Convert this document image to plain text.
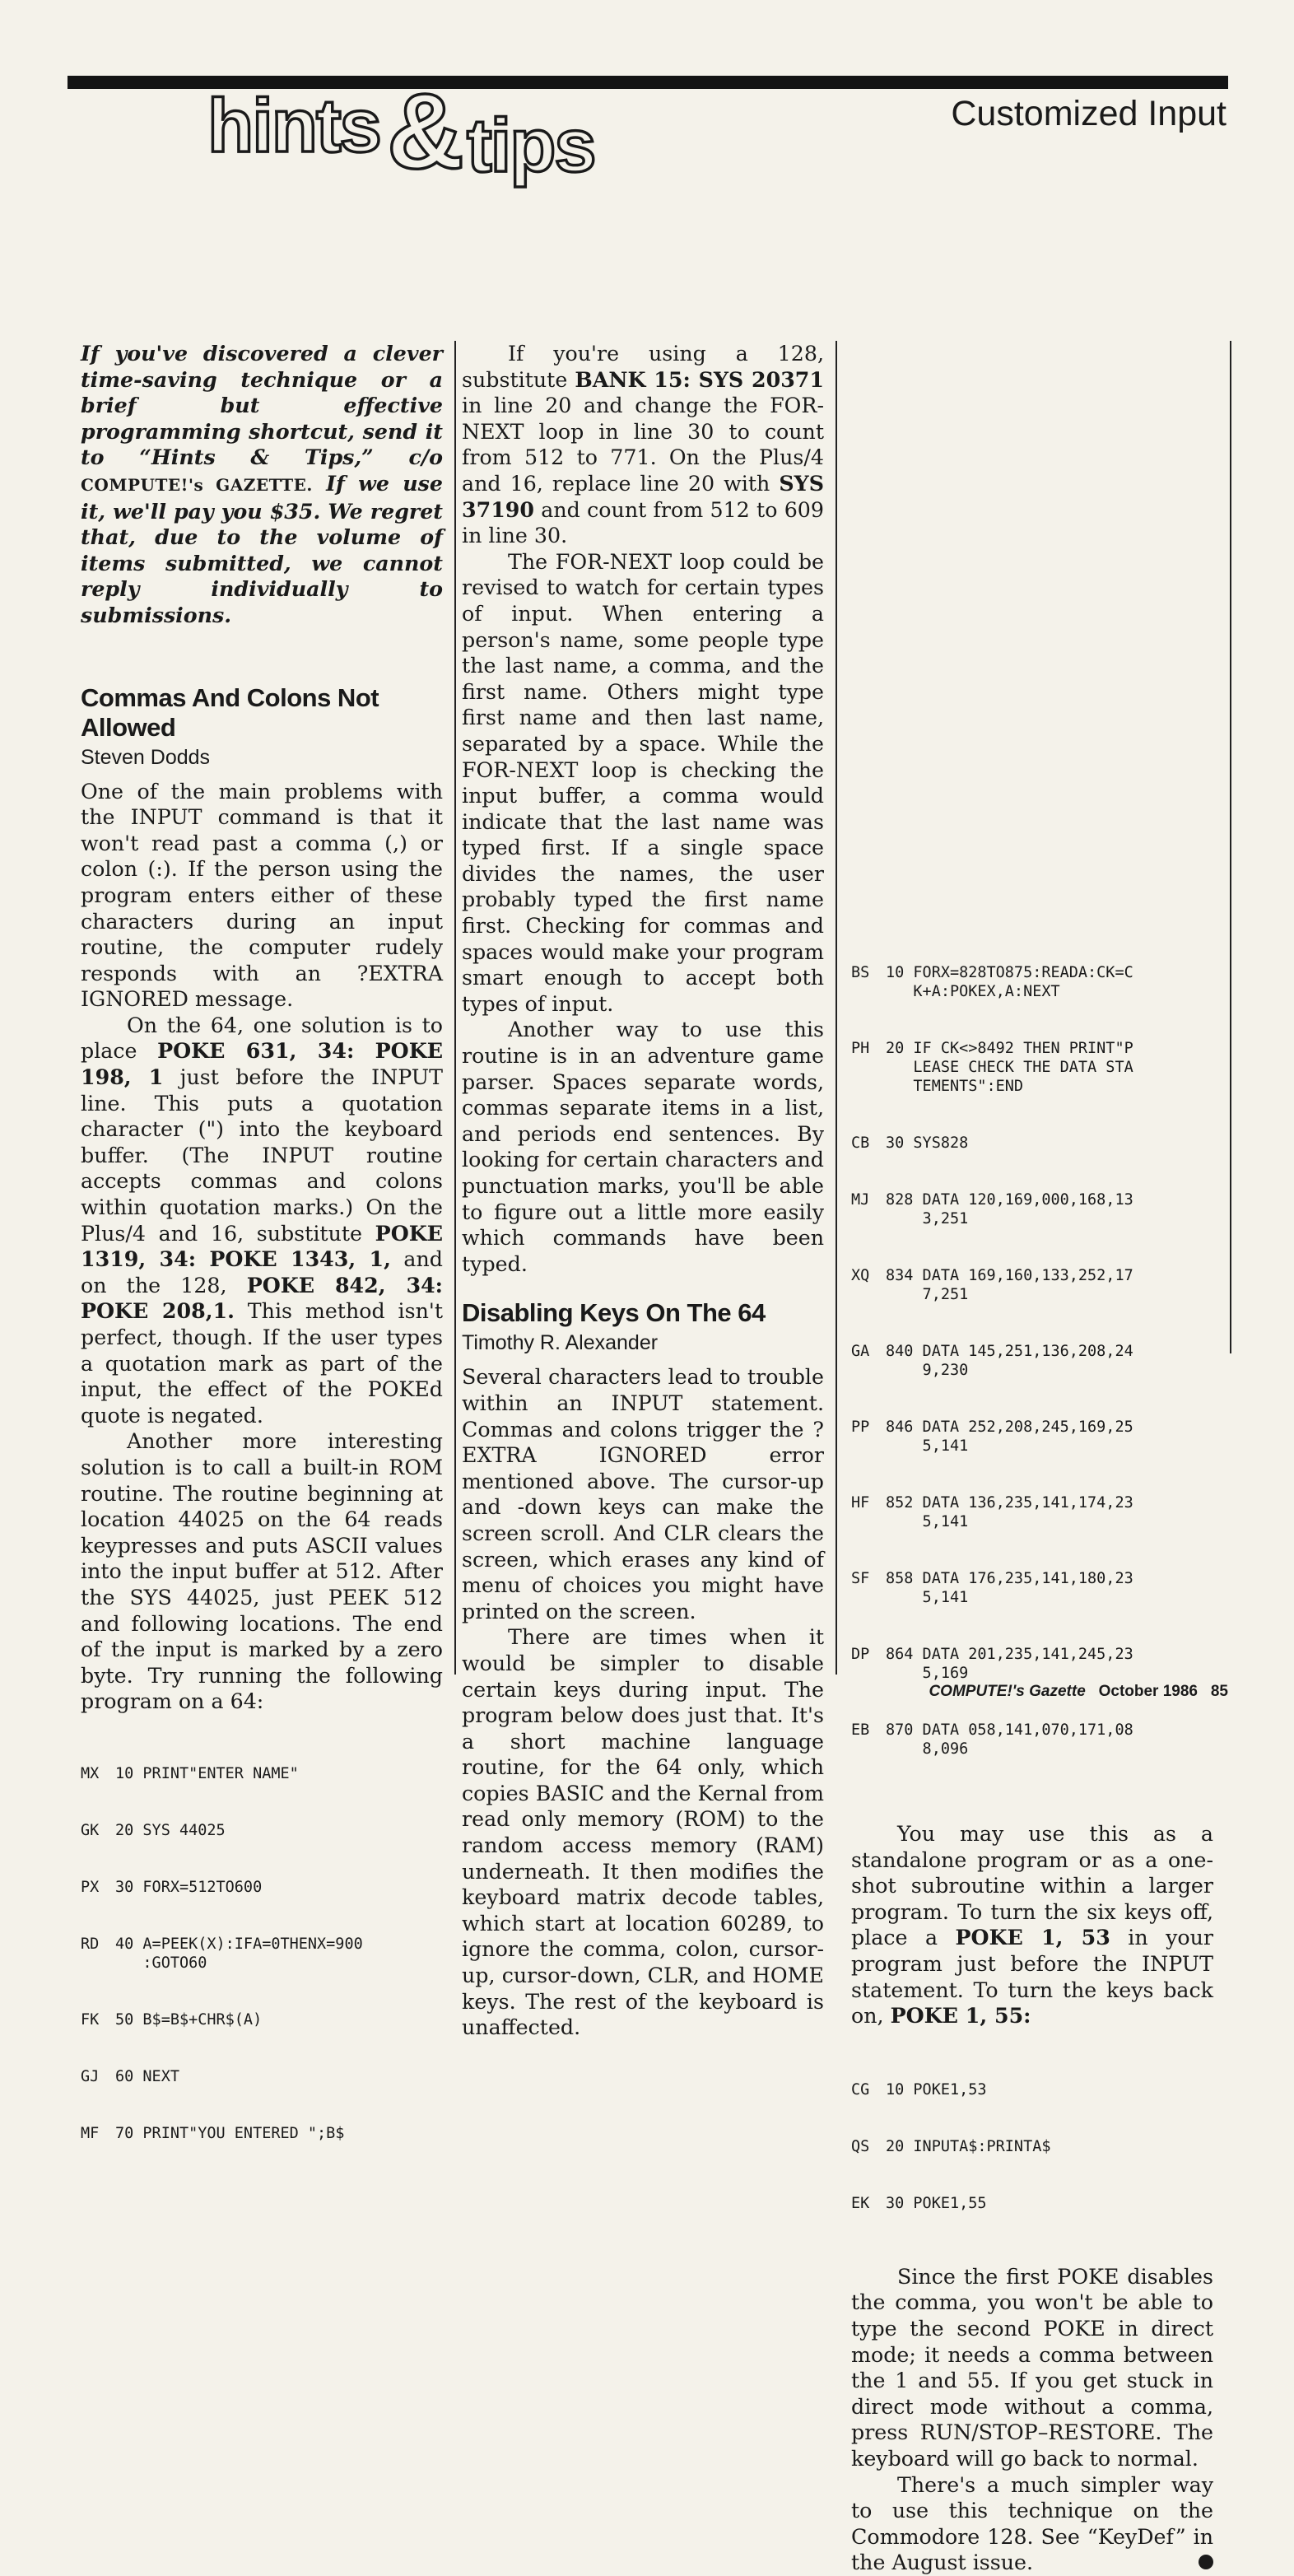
hints & tips	Customized Input

If you've discovered a clever time-saving technique or a brief but effective programming shortcut, send it to “Hints & Tips,” c/o COMPUTE!'s GAZETTE. If we use it, we'll pay you $35. We regret that, due to the volume of items submitted, we cannot reply individually to submissions.

Commas And Colons Not Allowed
Steven Dodds

One of the main problems with the INPUT command is that it won't read past a comma (,) or colon (:). If the person using the program enters either of these characters during an input routine, the computer rudely responds with an ?EXTRA IGNORED message.

On the 64, one solution is to place POKE 631, 34: POKE 198, 1 just before the INPUT line. This puts a quotation character (") into the keyboard buffer. (The INPUT routine accepts commas and colons within quotation marks.) On the Plus/4 and 16, substitute POKE 1319, 34: POKE 1343, 1, and on the 128, POKE 842, 34: POKE 208,1. This method isn't perfect, though. If the user types a quotation mark as part of the input, the effect of the POKEd quote is negated.

Another more interesting solution is to call a built-in ROM routine. The routine beginning at location 44025 on the 64 reads keypresses and puts ASCII values into the input buffer at 512. After the SYS 44025, just PEEK 512 and following locations. The end of the input is marked by a zero byte. Try running the following program on a 64:

MX	10 PRINT"ENTER NAME"

GK	20 SYS 44025

PX	30 FORX=512TO600

RD	40 A=PEEK(X):IFA=0THENX=900
:GOTO60

FK	50 B$=B$+CHR$(A)

GJ	60 NEXT

MF	70 PRINT"YOU ENTERED ";B$

If you're using a 128, substitute BANK 15: SYS 20371 in line 20 and change the FOR-NEXT loop in line 30 to count from 512 to 771. On the Plus/4 and 16, replace line 20 with SYS 37190 and count from 512 to 609 in line 30.

The FOR-NEXT loop could be revised to watch for certain types of input. When entering a person's name, some people type the last name, a comma, and the first name. Others might type first name and then last name, separated by a space. While the FOR-NEXT loop is checking the input buffer, a comma would indicate that the last name was typed first. If a single space divides the names, the user probably typed the first name first. Checking for commas and spaces would make your program smart enough to accept both types of input.

Another way to use this routine is in an adventure game parser. Spaces separate words, commas separate items in a list, and periods end sentences. By looking for certain characters and punctuation marks, you'll be able to figure out a little more easily which commands have been typed.

Disabling Keys On The 64
Timothy R. Alexander

Several characters lead to trouble within an INPUT statement. Commas and colons trigger the ?EXTRA IGNORED error mentioned above. The cursor-up and -down keys can make the screen scroll. And CLR clears the screen, which erases any kind of menu of choices you might have printed on the screen.

There are times when it would be simpler to disable certain keys during input. The program below does just that. It's a short machine language routine, for the 64 only, which copies BASIC and the Kernal from read only memory (ROM) to the random access memory (RAM) underneath. It then modifies the keyboard matrix decode tables, which start at location 60289, to ignore the comma, colon, cursor-up, cursor-down, CLR, and HOME keys. The rest of the keyboard is unaffected.

BS	10 FORX=828TO875:READA:CK=C
K+A:POKEX,A:NEXT

PH	20 IF CK<>8492 THEN PRINT"P
LEASE CHECK THE DATA STA
TEMENTS":END

CB	30 SYS828

MJ	828 DATA 120,169,000,168,13
3,251

XQ	834 DATA 169,160,133,252,17
7,251

GA	840 DATA 145,251,136,208,24
9,230

PP	846 DATA 252,208,245,169,25
5,141

HF	852 DATA 136,235,141,174,23
5,141

SF	858 DATA 176,235,141,180,23
5,141

DP	864 DATA 201,235,141,245,23
5,169

EB	870 DATA 058,141,070,171,08
8,096

You may use this as a standalone program or as a one-shot subroutine within a larger program. To turn the six keys off, place a POKE 1, 53 in your program just before the INPUT statement. To turn the keys back on, POKE 1, 55:

CG	10 POKE1,53

QS	20 INPUTA$:PRINTA$

EK	30 POKE1,55

Since the first POKE disables the comma, you won't be able to type the second POKE in direct mode; it needs a comma between the 1 and 55. If you get stuck in direct mode without a comma, press RUN/STOP–RESTORE. The keyboard will go back to normal.

There's a much simpler way to use this technique on the Commodore 128. See “KeyDef” in the August issue.

COMPUTE!'s Gazette October 1986 85
